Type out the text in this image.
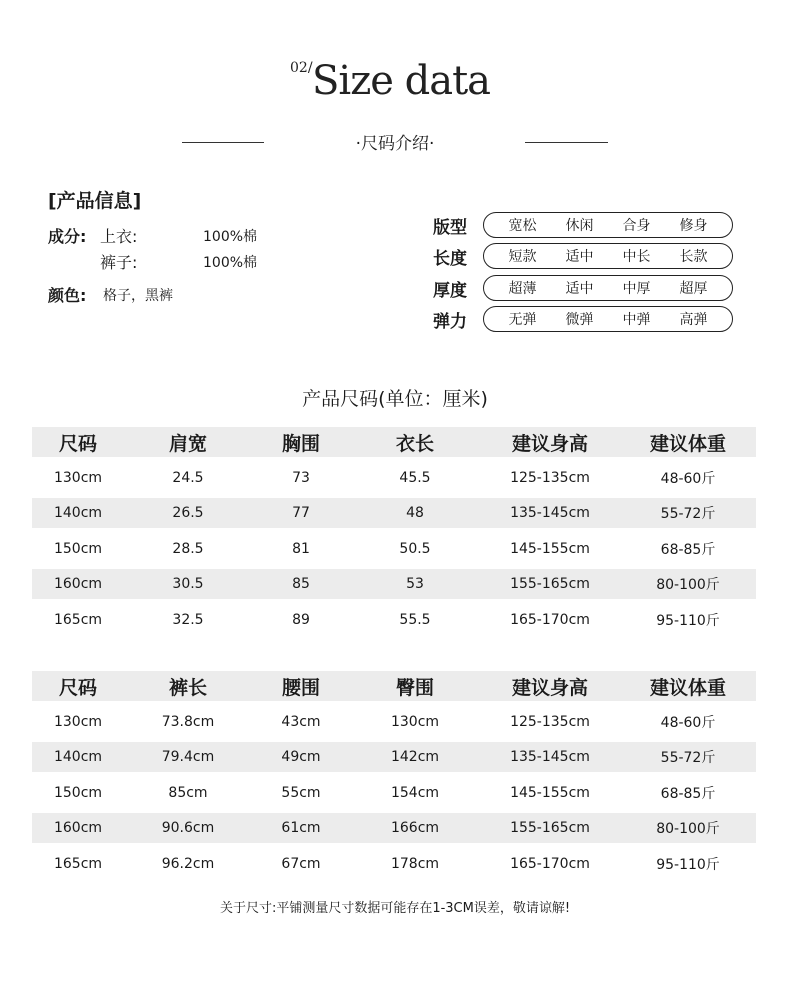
02/ Size data
·尺码介绍·
[产品信息]
成分: 上衣:	100%棉
裤子:	100%棉
颜色: 格子，黑裤
版型	宽松	休闲	合身	修身
长度	短款	适中	中长	长款
厚度	超薄	适中	中厚	超厚
弹力	无弹	微弹	中弹	高弹
产品尺码(单位：厘米)
尺码	肩宽	胸围	衣长	建议身高	建议体重
130cm	24.5	73	45.5	125-135cm	48-60斤
140cm	26.5	77	48	135-145cm	55-72斤
150cm	28.5	81	50.5	145-155cm	68-85斤
160cm	30.5	85	53	155-165cm	80-100斤
165cm	32.5	89	55.5	165-170cm	95-110斤
尺码	裤长	腰围	臀围	建议身高	建议体重
130cm	73.8cm	43cm	130cm	125-135cm	48-60斤
140cm	79.4cm	49cm	142cm	135-145cm	55-72斤
150cm	85cm	55cm	154cm	145-155cm	68-85斤
160cm	90.6cm	61cm	166cm	155-165cm	80-100斤
165cm	96.2cm	67cm	178cm	165-170cm	95-110斤
关于尺寸:平铺测量尺寸数据可能存在1-3CM误差，敬请谅解!
